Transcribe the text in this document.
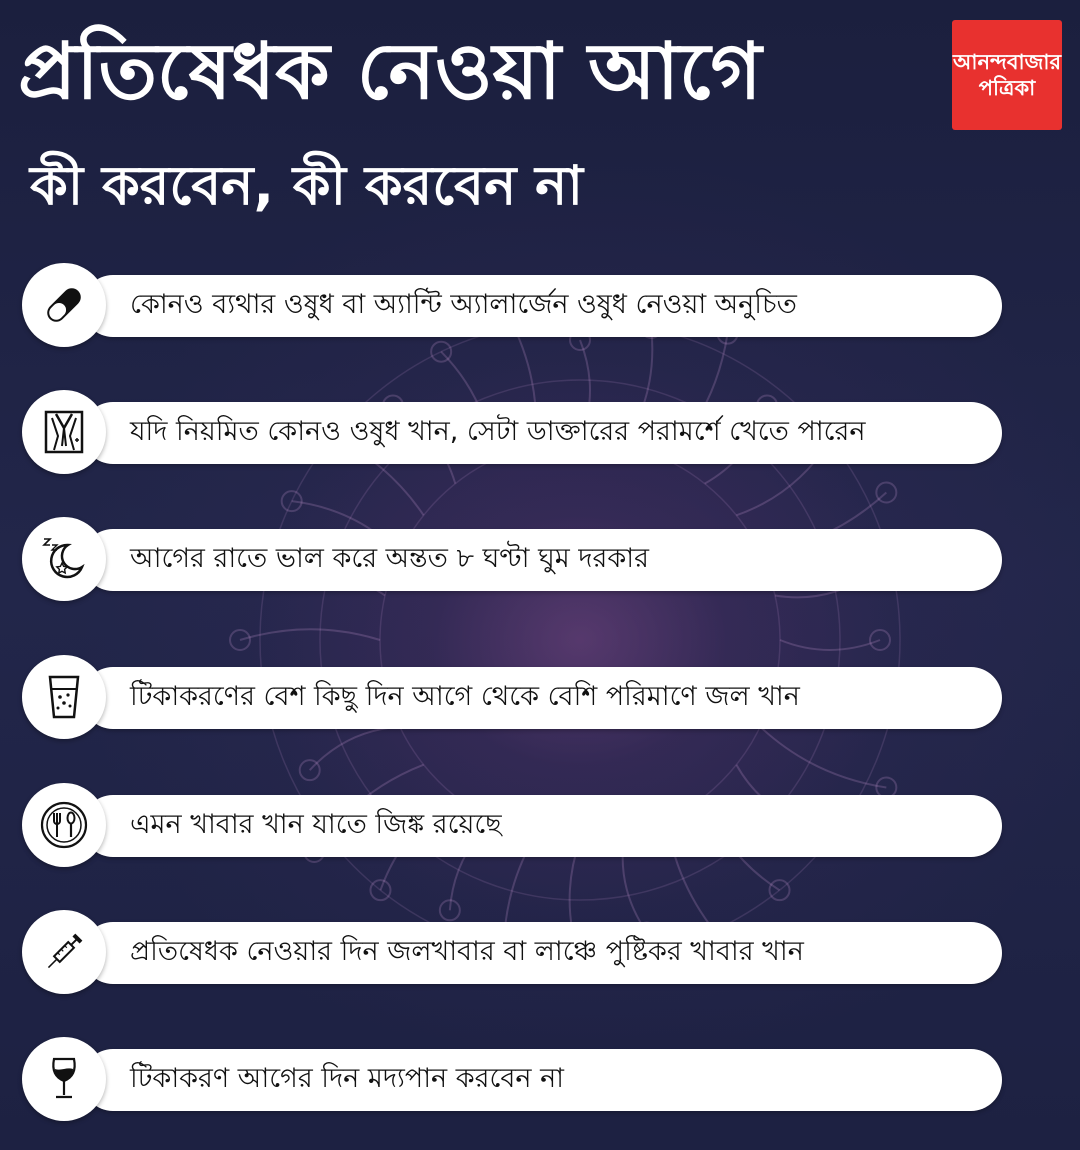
প্রতিষেধক নেওয়া আগে
কী করবেন, কী করবেন না
আনন্দবাজার
পত্রিকা
কোনও ব্যথার ওষুধ বা অ্যান্টি অ্যালার্জেন ওষুধ নেওয়া অনুচিত
যদি নিয়মিত কোনও ওষুধ খান, সেটা ডাক্তারের পরামর্শে খেতে পারেন
আগের রাতে ভাল করে অন্তত ৮ ঘণ্টা ঘুম দরকার
টিকাকরণের বেশ কিছু দিন আগে থেকে বেশি পরিমাণে জল খান
এমন খাবার খান যাতে জিঙ্ক রয়েছে
প্রতিষেধক নেওয়ার দিন জলখাবার বা লাঞ্চে পুষ্টিকর খাবার খান
টিকাকরণ আগের দিন মদ্যপান করবেন না
